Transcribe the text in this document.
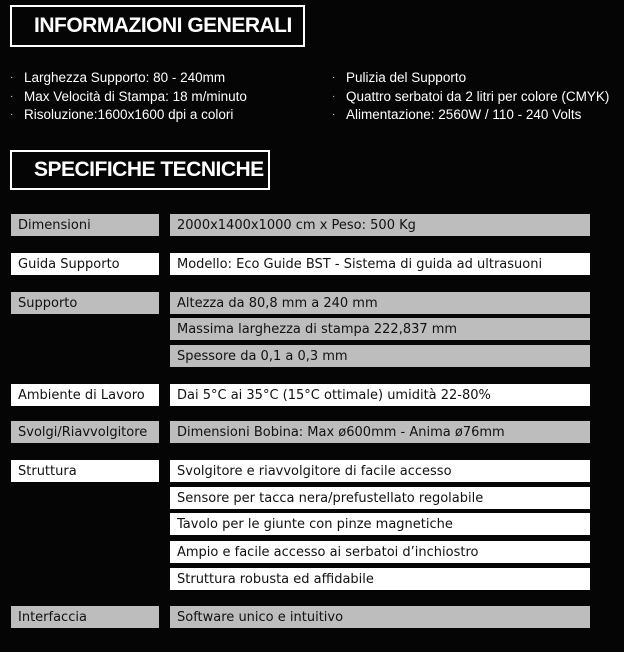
INFORMAZIONI GENERALI
· Larghezza Supporto: 80 - 240mm
· Max Velocità di Stampa: 18 m/minuto
· Risoluzione:1600x1600 dpi a colori
· Pulizia del Supporto
· Quattro serbatoi da 2 litri per colore (CMYK)
· Alimentazione: 2560W / 110 - 240 Volts
SPECIFICHE TECNICHE
Dimensioni	2000x1400x1000 cm x Peso: 500 Kg
Guida Supporto	Modello: Eco Guide BST - Sistema di guida ad ultrasuoni
Supporto	Altezza da 80,8 mm a 240 mm
Massima larghezza di stampa 222,837 mm
Spessore da 0,1 a 0,3 mm
Ambiente di Lavoro	Dai 5°C ai 35°C (15°C ottimale) umidità 22-80%
Svolgi/Riavvolgitore	Dimensioni Bobina: Max ø600mm - Anima ø76mm
Struttura	Svolgitore e riavvolgitore di facile accesso
Sensore per tacca nera/prefustellato regolabile
Tavolo per le giunte con pinze magnetiche
Ampio e facile accesso ai serbatoi d’inchiostro
Struttura robusta ed affidabile
Interfaccia	Software unico e intuitivo
